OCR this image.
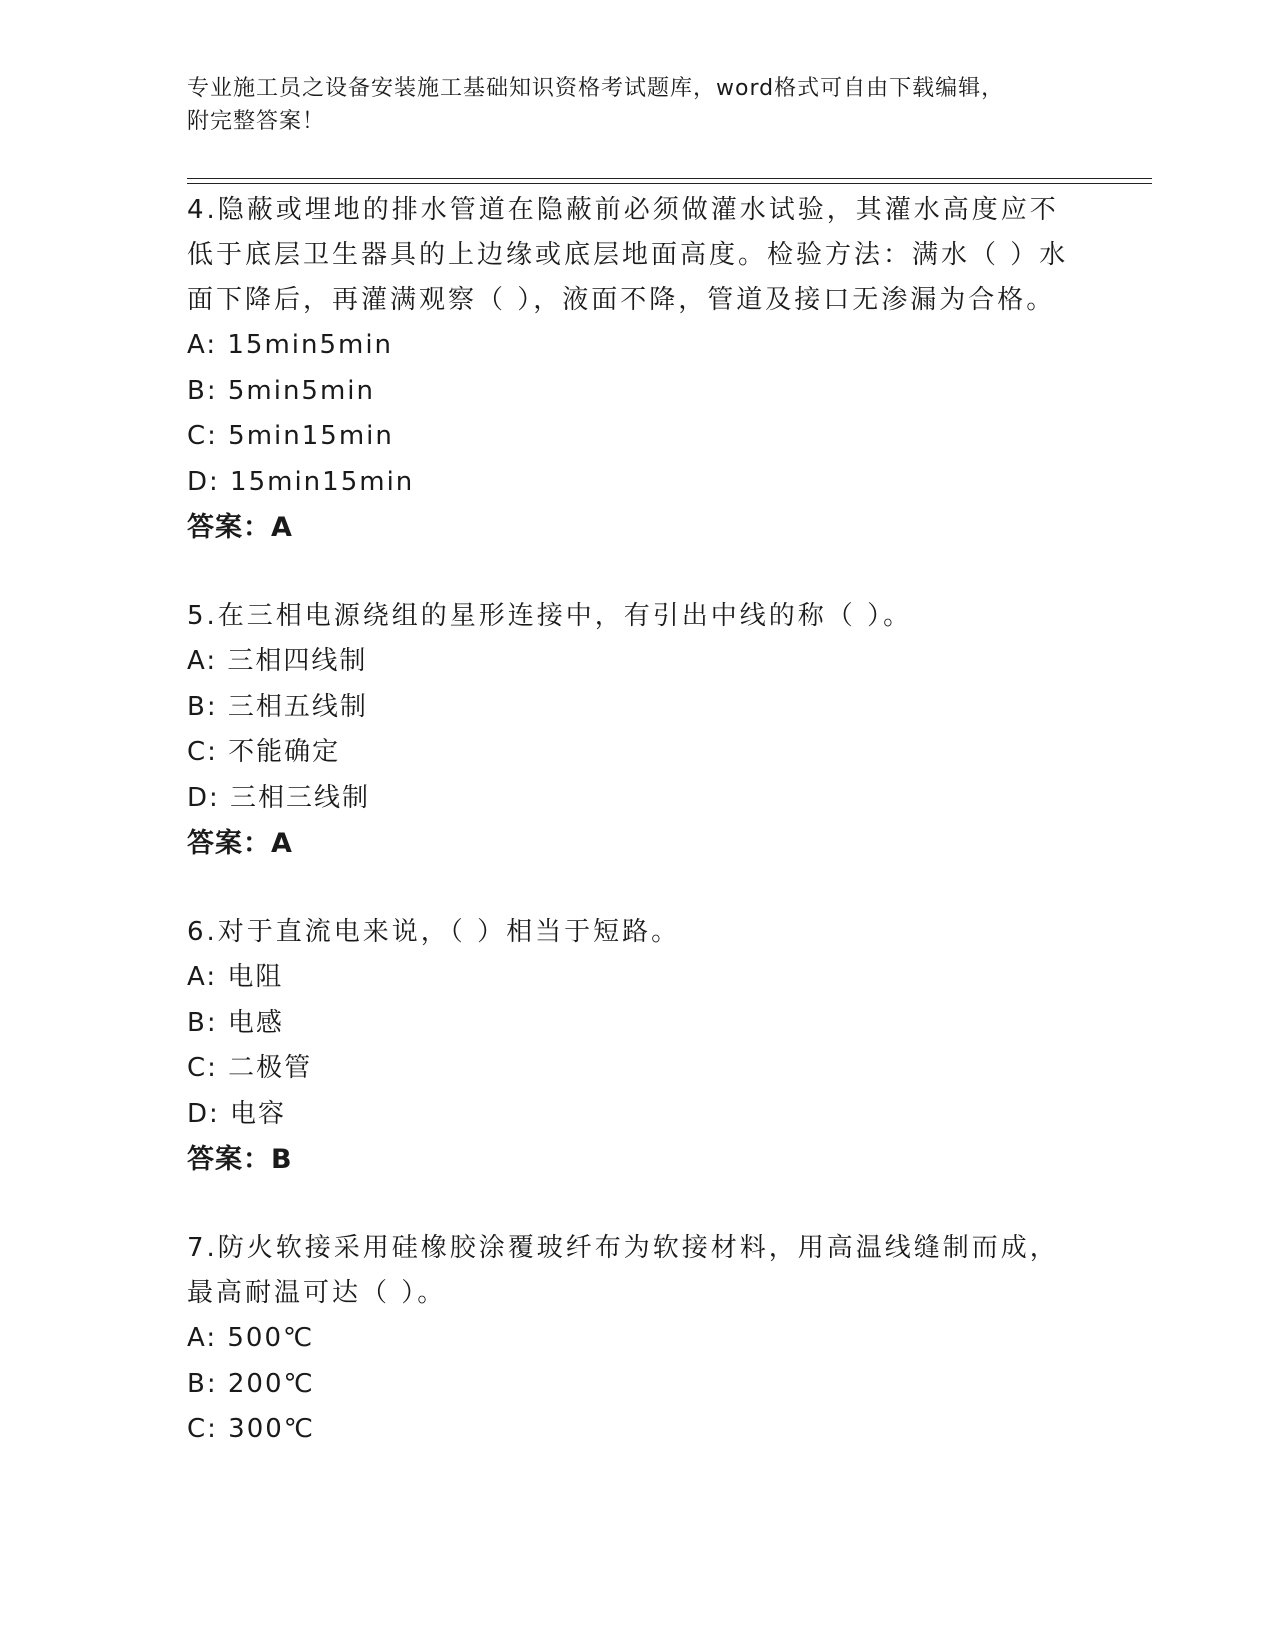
专业施工员之设备安装施工基础知识资格考试题库，word格式可自由下载编辑，
附完整答案！

4.隐蔽或埋地的排水管道在隐蔽前必须做灌水试验，其灌水高度应不低于底层卫生器具的上边缘或底层地面高度。检验方法：满水（ ）水面下降后，再灌满观察（ ），液面不降，管道及接口无渗漏为合格。

A: 15min5min

B: 5min5min

C: 5min15min

D: 15min15min

答案：A

5.在三相电源绕组的星形连接中，有引出中线的称（ ）。

A: 三相四线制

B: 三相五线制

C: 不能确定

D: 三相三线制

答案：A

6.对于直流电来说，（ ）相当于短路。

A: 电阻

B: 电感

C: 二极管

D: 电容

答案：B

7.防火软接采用硅橡胶涂覆玻纤布为软接材料，用高温线缝制而成，最高耐温可达（ ）。

A: 500℃

B: 200℃

C: 300℃
